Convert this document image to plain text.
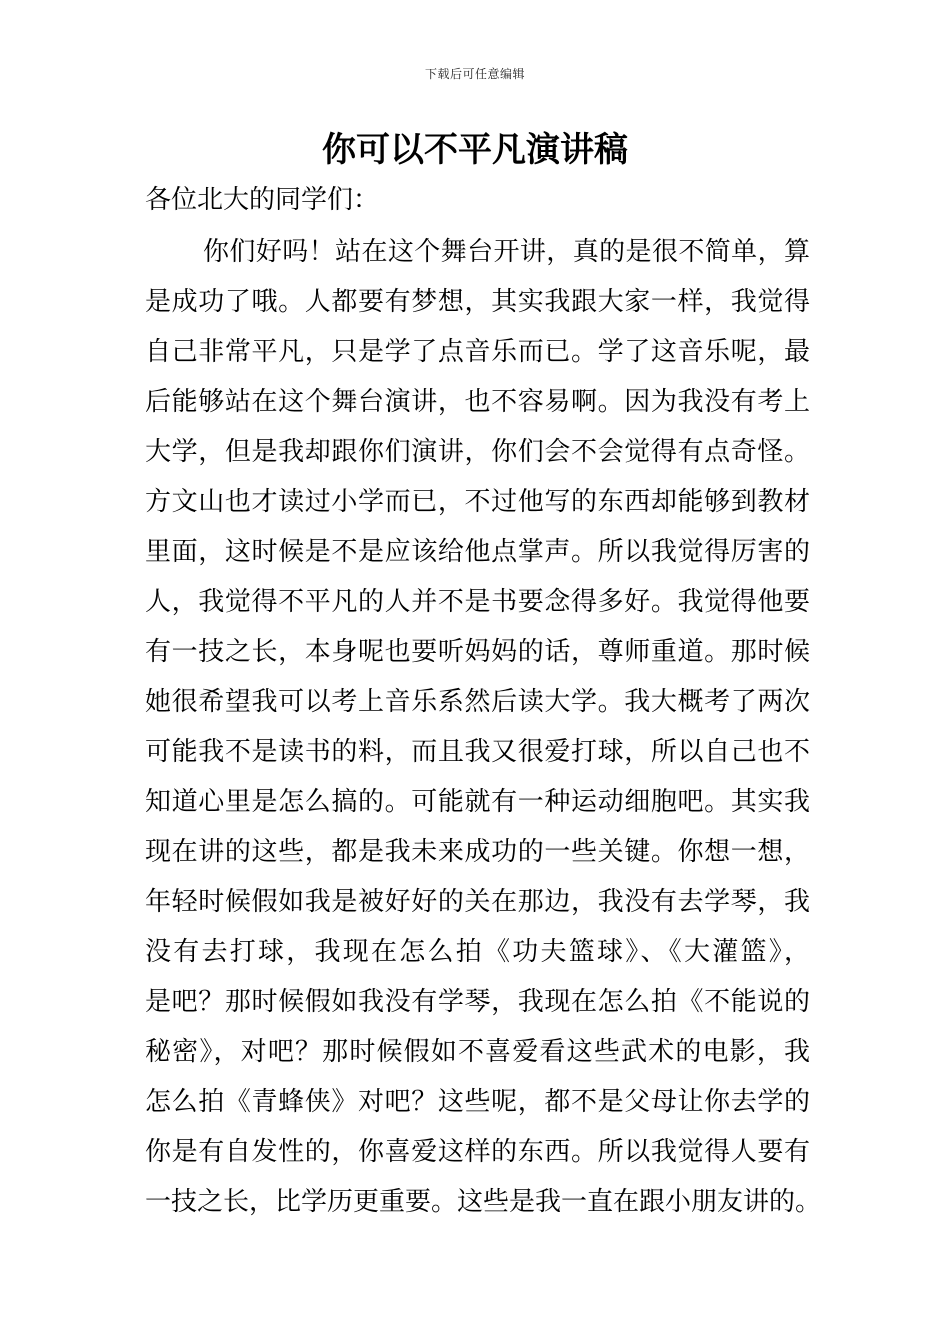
下载后可任意编辑
你可以不平凡演讲稿

各位北大的同学们：

你们好吗！站在这个舞台开讲，真的是很不简单，算
是成功了哦。人都要有梦想，其实我跟大家一样，我觉得
自己非常平凡，只是学了点音乐而已。学了这音乐呢，最
后能够站在这个舞台演讲，也不容易啊。因为我没有考上
大学，但是我却跟你们演讲，你们会不会觉得有点奇怪。
方文山也才读过小学而已，不过他写的东西却能够到教材
里面，这时候是不是应该给他点掌声。所以我觉得厉害的
人，我觉得不平凡的人并不是书要念得多好。我觉得他要
有一技之长，本身呢也要听妈妈的话，尊师重道。那时候
她很希望我可以考上音乐系然后读大学。我大概考了两次
可能我不是读书的料，而且我又很爱打球，所以自己也不
知道心里是怎么搞的。可能就有一种运动细胞吧。其实我
现在讲的这些，都是我未来成功的一些关键。你想一想，
年轻时候假如我是被好好的关在那边，我没有去学琴，我
没有去打球，我现在怎么拍《功夫篮球》、《大灌篮》，
是吧？那时候假如我没有学琴，我现在怎么拍《不能说的
秘密》，对吧？那时候假如不喜爱看这些武术的电影，我
怎么拍《青蜂侠》对吧？这些呢，都不是父母让你去学的
你是有自发性的，你喜爱这样的东西。所以我觉得人要有
一技之长，比学历更重要。这些是我一直在跟小朋友讲的。
